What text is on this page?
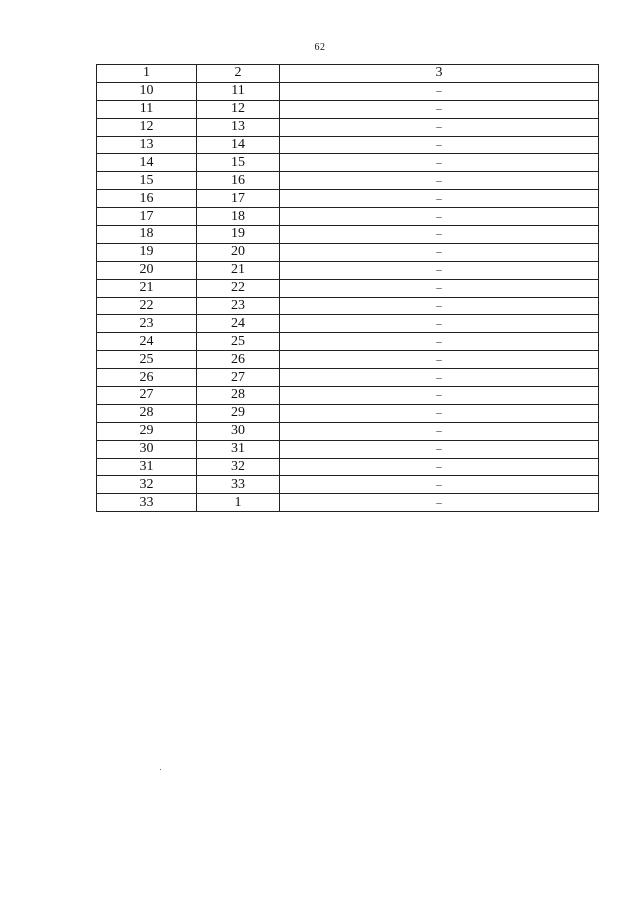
62
1	2	3
10	11	–
11	12	–
12	13	–
13	14	–
14	15	–
15	16	–
16	17	–
17	18	–
18	19	–
19	20	–
20	21	–
21	22	–
22	23	–
23	24	–
24	25	–
25	26	–
26	27	–
27	28	–
28	29	–
29	30	–
30	31	–
31	32	–
32	33	–
33	1	–
